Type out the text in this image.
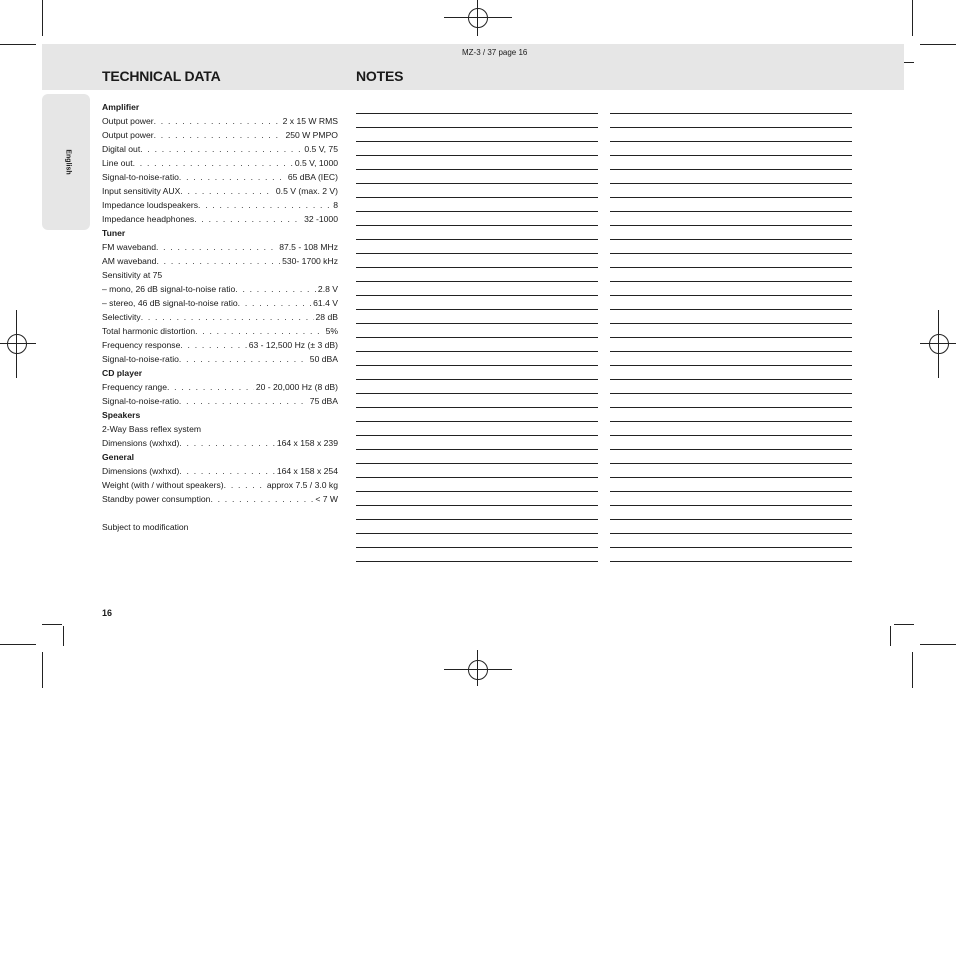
MZ-3 / 37 page 16
TECHNICAL DATA	NOTES
English
Amplifier
Output power . . .	2 x 15 W RMS
Output power . . .	250 W PMPO
Digital out . . .	0.5 V, 75
Line out . . .	0.5 V, 1000
Signal-to-noise-ratio . . .	65 dBA (IEC)
Input sensitivity AUX . . .	0.5 V (max. 2 V)
Impedance loudspeakers . . .	8
Impedance headphones . . .	32 -1000
Tuner
FM waveband . . .	87.5 - 108 MHz
AM waveband . . .	530- 1700 kHz
Sensitivity at 75
– mono, 26 dB signal-to-noise ratio . . .	2.8 V
– stereo, 46 dB signal-to-noise ratio . . .	61.4 V
Selectivity . . .	28 dB
Total harmonic distortion . . .	5%
Frequency response . . .	63 - 12,500 Hz (± 3 dB)
Signal-to-noise-ratio . . .	50 dBA
CD player
Frequency range . . .	20 - 20,000 Hz (8 dB)
Signal-to-noise-ratio . . .	75 dBA
Speakers
2-Way Bass reflex system
Dimensions (wxhxd) . . .	164 x 158 x 239
General
Dimensions (wxhxd) . . .	164 x 158 x 254
Weight (with / without speakers) . . .	approx 7.5 / 3.0 kg
Standby power consumption . . .	< 7 W
Subject to modification
16
